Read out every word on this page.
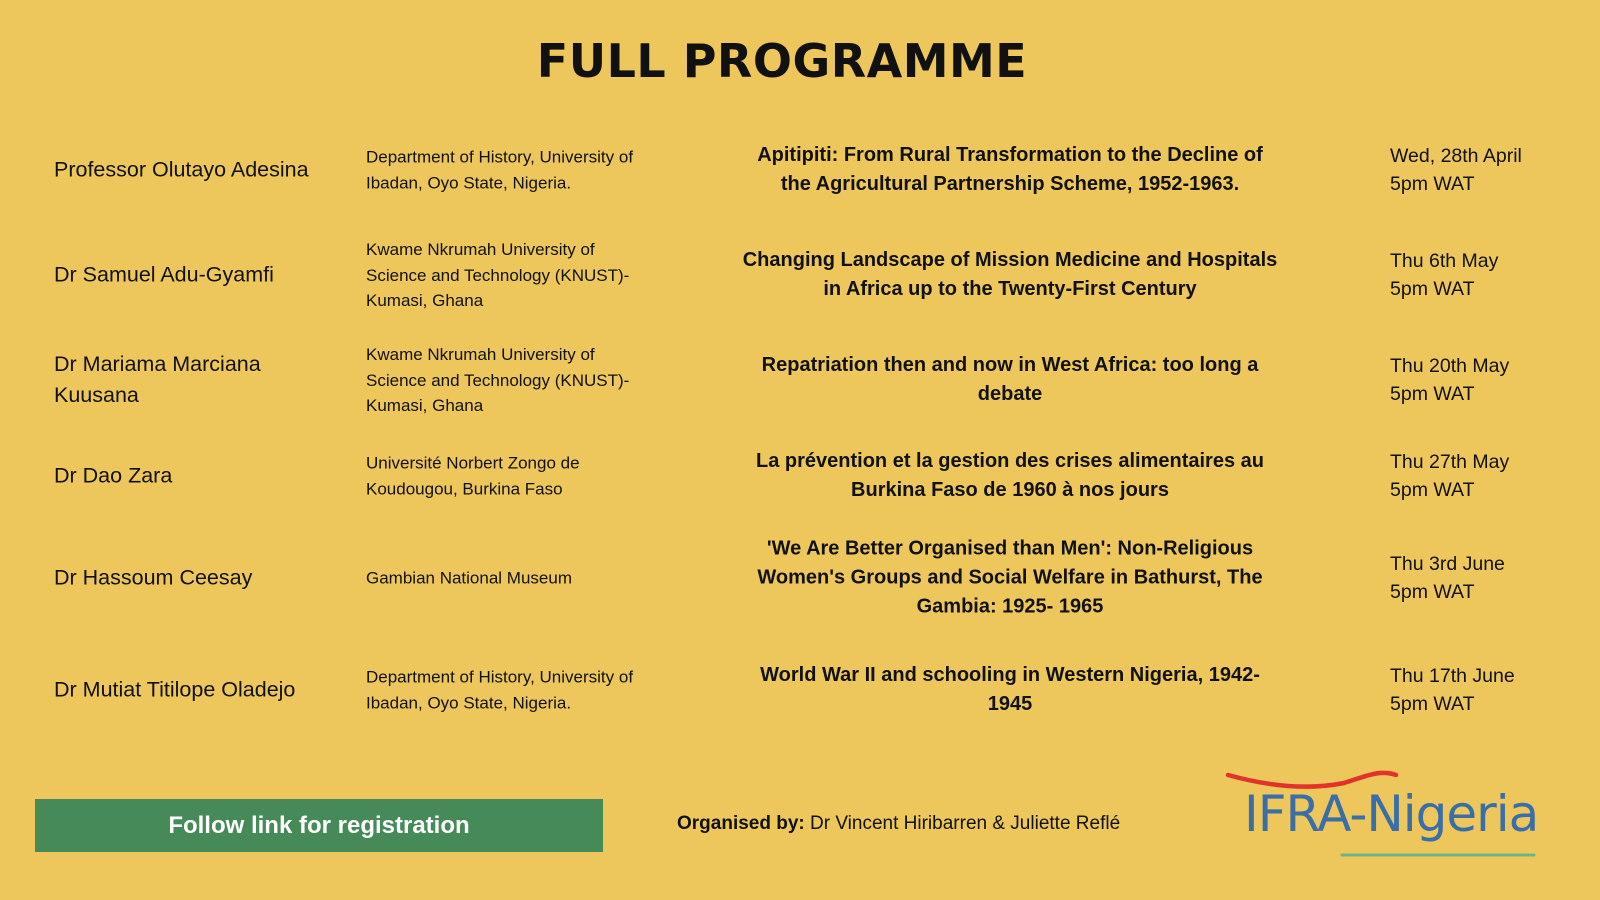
FULL PROGRAMME
Professor Olutayo Adesina
Department of History, University of Ibadan, Oyo State, Nigeria.
Apitipiti: From Rural Transformation to the Decline of the Agricultural Partnership Scheme, 1952-1963.
Wed, 28th April
5pm WAT
Dr Samuel Adu-Gyamfi
Kwame Nkrumah University of Science and Technology (KNUST)-Kumasi, Ghana
Changing Landscape of Mission Medicine and Hospitals in Africa up to the Twenty-First Century
Thu 6th May
5pm WAT
Dr Mariama Marciana Kuusana
Kwame Nkrumah University of Science and Technology (KNUST)-Kumasi, Ghana
Repatriation then and now in West Africa: too long a debate
Thu 20th May
5pm WAT
Dr Dao Zara
Université Norbert Zongo de Koudougou, Burkina Faso
La prévention et la gestion des crises alimentaires au Burkina Faso de 1960 à nos jours
Thu 27th May
5pm WAT
Dr Hassoum Ceesay	Gambian National Museum
'We Are Better Organised than Men': Non-Religious Women's Groups and Social Welfare in Bathurst, The Gambia: 1925- 1965
Thu 3rd June
5pm WAT
Dr Mutiat Titilope Oladejo
Department of History, University of Ibadan, Oyo State, Nigeria.
World War II and schooling in Western Nigeria, 1942-1945
Thu 17th June
5pm WAT
Follow link for registration	Organised by: Dr Vincent Hiribarren & Juliette Reflé IFRA-Nigeria
